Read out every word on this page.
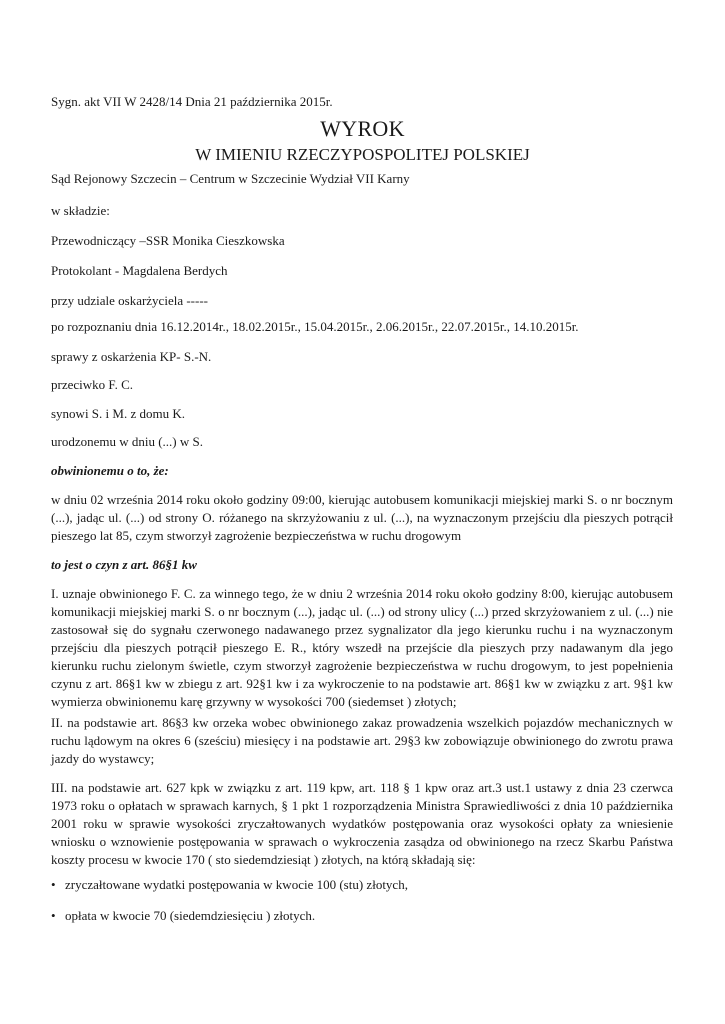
Sygn. akt VII W 2428/14 Dnia 21 października 2015r.

WYROK
W IMIENIU RZECZYPOSPOLITEJ POLSKIEJ

Sąd Rejonowy Szczecin – Centrum w Szczecinie Wydział VII Karny

w składzie:

Przewodniczący –SSR Monika Cieszkowska

Protokolant - Magdalena Berdych

przy udziale oskarżyciela -----

po rozpoznaniu dnia 16.12.2014r., 18.02.2015r., 15.04.2015r., 2.06.2015r., 22.07.2015r., 14.10.2015r.

sprawy z oskarżenia KP- S.-N.

przeciwko F. C.

synowi S. i M. z domu K.

urodzonemu w dniu (...) w S.

obwinionemu o to, że:

w dniu 02 września 2014 roku około godziny 09:00, kierując autobusem komunikacji miejskiej marki S. o nr bocznym (...), jadąc ul. (...) od strony O. różanego na skrzyżowaniu z ul. (...), na wyznaczonym przejściu dla pieszych potrącił pieszego lat 85, czym stworzył zagrożenie bezpieczeństwa w ruchu drogowym

to jest o czyn z art. 86§1 kw

I. uznaje obwinionego F. C. za winnego tego, że w dniu 2 września 2014 roku około godziny 8:00, kierując autobusem komunikacji miejskiej marki S. o nr bocznym (...), jadąc ul. (...) od strony ulicy (...) przed skrzyżowaniem z ul. (...) nie zastosował się do sygnału czerwonego nadawanego przez sygnalizator dla jego kierunku ruchu i na wyznaczonym przejściu dla pieszych potrącił pieszego E. R., który wszedł na przejście dla pieszych przy nadawanym dla jego kierunku ruchu zielonym świetle, czym stworzył zagrożenie bezpieczeństwa w ruchu drogowym, to jest popełnienia czynu z art. 86§1 kw w zbiegu z art. 92§1 kw i za wykroczenie to na podstawie art. 86§1 kw w związku z art. 9§1 kw wymierza obwinionemu karę grzywny w wysokości 700 (siedemset ) złotych;

II. na podstawie art. 86§3 kw orzeka wobec obwinionego zakaz prowadzenia wszelkich pojazdów mechanicznych w ruchu lądowym na okres 6 (sześciu) miesięcy i na podstawie art. 29§3 kw zobowiązuje obwinionego do zwrotu prawa jazdy do wystawcy;

III. na podstawie art. 627 kpk w związku z art. 119 kpw, art. 118 § 1 kpw oraz art.3 ust.1 ustawy z dnia 23 czerwca 1973 roku o opłatach w sprawach karnych, § 1 pkt 1 rozporządzenia Ministra Sprawiedliwości z dnia 10 października 2001 roku w sprawie wysokości zryczałtowanych wydatków postępowania oraz wysokości opłaty za wniesienie wniosku o wznowienie postępowania w sprawach o wykroczenia zasądza od obwinionego na rzecz Skarbu Państwa koszty procesu w kwocie 170 ( sto siedemdziesiąt ) złotych, na którą składają się:

• zryczałtowane wydatki postępowania w kwocie 100 (stu) złotych,
• opłata w kwocie 70 (siedemdziesięciu ) złotych.
